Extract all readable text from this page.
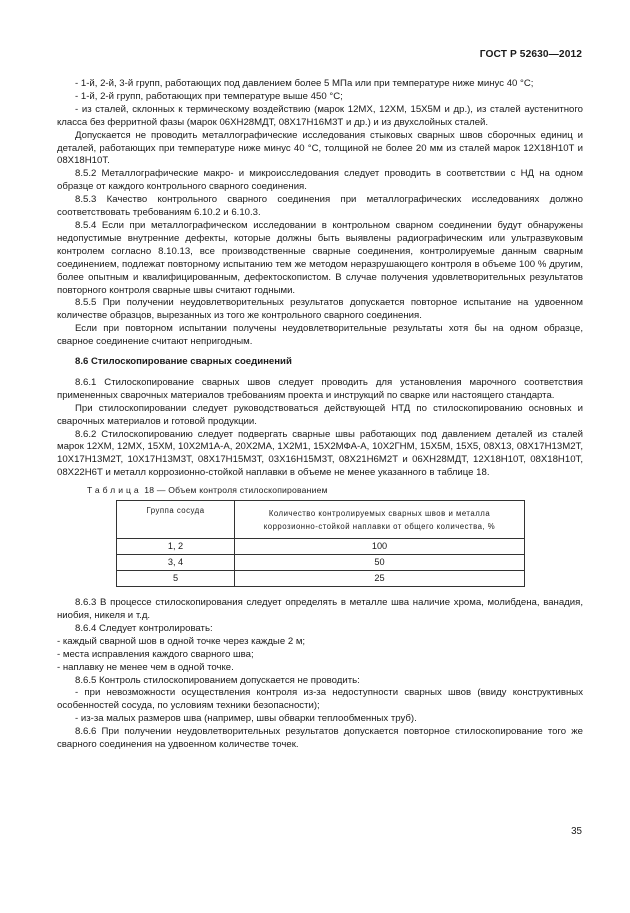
ГОСТ Р 52630—2012

- 1-й, 2-й, 3-й групп, работающих под давлением более 5 МПа или при температуре ниже минус 40 °С;

- 1-й, 2-й групп, работающих при температуре выше 450 °С;

- из сталей, склонных к термическому воздействию (марок 12МХ, 12ХМ, 15Х5М и др.), из сталей аустенитного класса без ферритной фазы (марок 06ХН28МДТ, 08Х17Н16М3Т и др.) и из двухслойных сталей.

Допускается не проводить металлографические исследования стыковых сварных швов сборочных единиц и деталей, работающих при температуре ниже минус 40 °С, толщиной не более 20 мм из сталей марок 12Х18Н10Т и 08Х18Н10Т.

8.5.2 Металлографические макро- и микроисследования следует проводить в соответствии с НД на одном образце от каждого контрольного сварного соединения.

8.5.3 Качество контрольного сварного соединения при металлографических исследованиях должно соответствовать требованиям 6.10.2 и 6.10.3.

8.5.4 Если при металлографическом исследовании в контрольном сварном соединении будут обнаружены недопустимые внутренние дефекты, которые должны быть выявлены радиографическим или ультразвуковым контролем согласно 8.10.13, все производственные сварные соединения, контролируемые данным сварным соединением, подлежат повторному испытанию тем же методом неразрушающего контроля в объеме 100 % другим, более опытным и квалифицированным, дефектоскопистом. В случае получения удовлетворительных результатов повторного контроля сварные швы считают годными.

8.5.5 При получении неудовлетворительных результатов допускается повторное испытание на удвоенном количестве образцов, вырезанных из того же контрольного сварного соединения.

Если при повторном испытании получены неудовлетворительные результаты хотя бы на одном образце, сварное соединение считают непригодным.

8.6 Стилоскопирование сварных соединений

8.6.1 Стилоскопирование сварных швов следует проводить для установления марочного соответствия примененных сварочных материалов требованиям проекта и инструкций по сварке или настоящего стандарта.

При стилоскопировании следует руководствоваться действующей НТД по стилоскопированию основных и сварочных материалов и готовой продукции.

8.6.2 Стилоскопированию следует подвергать сварные швы работающих под давлением деталей из сталей марок 12ХМ, 12МХ, 15ХМ, 10Х2М1А-А, 20Х2МА, 1Х2М1, 15Х2МФА-А, 10Х2ГНМ, 15Х5М, 15Х5, 08Х13, 08Х17Н13М2Т, 10Х17Н13М2Т, 10Х17Н13М3Т, 08Х17Н15М3Т, 03Х16Н15М3Т, 08Х21Н6М2Т и 06ХН28МДТ, 12Х18Н10Т, 08Х18Н10Т, 08Х22Н6Т и металл коррозионно-стойкой наплавки в объеме не менее указанного в таблице 18.

Таблица 18 — Объем контроля стилоскопированием
Группа сосуда	Количество контролируемых сварных швов и металла
коррозионно-стойкой наплавки от общего количества, %
1, 2	100
3, 4	50
5	25

8.6.3 В процессе стилоскопирования следует определять в металле шва наличие хрома, молибдена, ванадия, ниобия, никеля и т.д.

8.6.4 Следует контролировать:

- каждый сварной шов в одной точке через каждые 2 м;

- места исправления каждого сварного шва;

- наплавку не менее чем в одной точке.

8.6.5 Контроль стилоскопированием допускается не проводить:

- при невозможности осуществления контроля из-за недоступности сварных швов (ввиду конструктивных особенностей сосуда, по условиям техники безопасности);

- из-за малых размеров шва (например, швы обварки теплообменных труб).

8.6.6 При получении неудовлетворительных результатов допускается повторное стилоскопирование того же сварного соединения на удвоенном количестве точек.

35
